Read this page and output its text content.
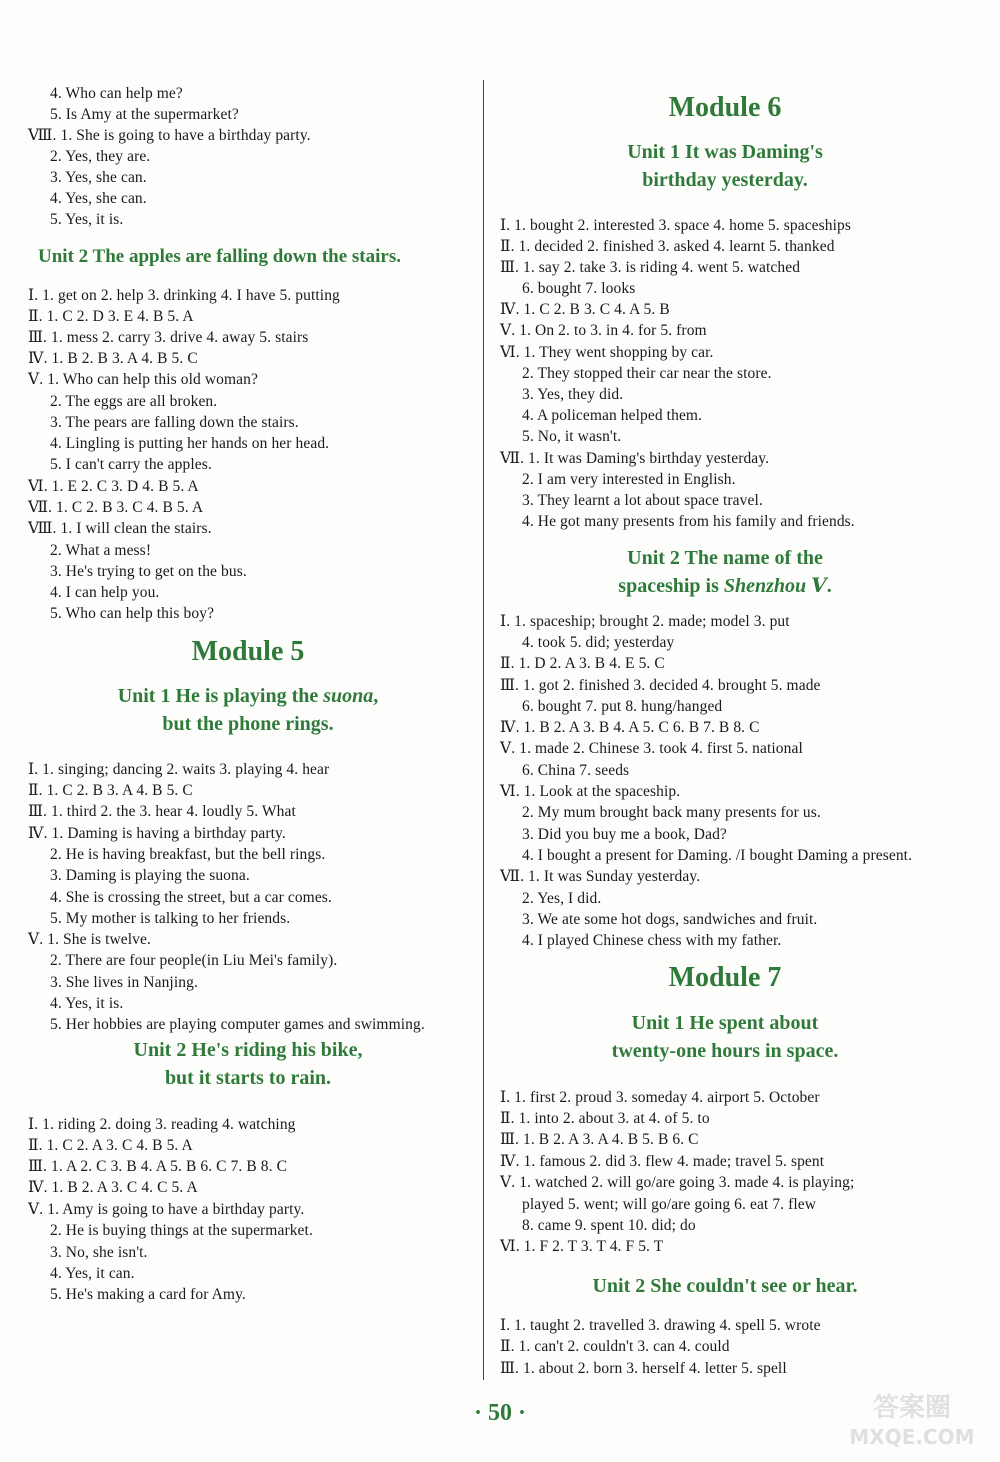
4. Who can help me?
5. Is Amy at the supermarket?
Ⅷ. 1. She is going to have a birthday party.
2. Yes, they are.
3. Yes, she can.
4. Yes, she can.
5. Yes, it is.
Unit 2 The apples are falling down the stairs.
Ⅰ. 1. get on 2. help 3. drinking 4. I have 5. putting
Ⅱ. 1. C 2. D 3. E 4. B 5. A
Ⅲ. 1. mess 2. carry 3. drive 4. away 5. stairs
Ⅳ. 1. B 2. B 3. A 4. B 5. C
Ⅴ. 1. Who can help this old woman?
2. The eggs are all broken.
3. The pears are falling down the stairs.
4. Lingling is putting her hands on her head.
5. I can't carry the apples.
Ⅵ. 1. E 2. C 3. D 4. B 5. A
Ⅶ. 1. C 2. B 3. C 4. B 5. A
Ⅷ. 1. I will clean the stairs.
2. What a mess!
3. He's trying to get on the bus.
4. I can help you.
5. Who can help this boy?
Module 5
Unit 1 He is playing the suona,
but the phone rings.
Ⅰ. 1. singing; dancing 2. waits 3. playing 4. hear
Ⅱ. 1. C 2. B 3. A 4. B 5. C
Ⅲ. 1. third 2. the 3. hear 4. loudly 5. What
Ⅳ. 1. Daming is having a birthday party.
2. He is having breakfast, but the bell rings.
3. Daming is playing the suona.
4. She is crossing the street, but a car comes.
5. My mother is talking to her friends.
Ⅴ. 1. She is twelve.
2. There are four people(in Liu Mei's family).
3. She lives in Nanjing.
4. Yes, it is.
5. Her hobbies are playing computer games and swimming.
Unit 2 He's riding his bike,
but it starts to rain.
Ⅰ. 1. riding 2. doing 3. reading 4. watching
Ⅱ. 1. C 2. A 3. C 4. B 5. A
Ⅲ. 1. A 2. C 3. B 4. A 5. B 6. C 7. B 8. C
Ⅳ. 1. B 2. A 3. C 4. C 5. A
Ⅴ. 1. Amy is going to have a birthday party.
2. He is buying things at the supermarket.
3. No, she isn't.
4. Yes, it can.
5. He's making a card for Amy.
Module 6
Unit 1 It was Daming's
birthday yesterday.
Ⅰ. 1. bought 2. interested 3. space 4. home 5. spaceships
Ⅱ. 1. decided 2. finished 3. asked 4. learnt 5. thanked
Ⅲ. 1. say 2. take 3. is riding 4. went 5. watched
6. bought 7. looks
Ⅳ. 1. C 2. B 3. C 4. A 5. B
Ⅴ. 1. On 2. to 3. in 4. for 5. from
Ⅵ. 1. They went shopping by car.
2. They stopped their car near the store.
3. Yes, they did.
4. A policeman helped them.
5. No, it wasn't.
Ⅶ. 1. It was Daming's birthday yesterday.
2. I am very interested in English.
3. They learnt a lot about space travel.
4. He got many presents from his family and friends.
Unit 2 The name of the
spaceship is Shenzhou Ⅴ.
Ⅰ. 1. spaceship; brought 2. made; model 3. put
4. took 5. did; yesterday
Ⅱ. 1. D 2. A 3. B 4. E 5. C
Ⅲ. 1. got 2. finished 3. decided 4. brought 5. made
6. bought 7. put 8. hung/hanged
Ⅳ. 1. B 2. A 3. B 4. A 5. C 6. B 7. B 8. C
Ⅴ. 1. made 2. Chinese 3. took 4. first 5. national
6. China 7. seeds
Ⅵ. 1. Look at the spaceship.
2. My mum brought back many presents for us.
3. Did you buy me a book, Dad?
4. I bought a present for Daming. /I bought Daming a present.
Ⅶ. 1. It was Sunday yesterday.
2. Yes, I did.
3. We ate some hot dogs, sandwiches and fruit.
4. I played Chinese chess with my father.
Module 7
Unit 1 He spent about
twenty-one hours in space.
Ⅰ. 1. first 2. proud 3. someday 4. airport 5. October
Ⅱ. 1. into 2. about 3. at 4. of 5. to
Ⅲ. 1. B 2. A 3. A 4. B 5. B 6. C
Ⅳ. 1. famous 2. did 3. flew 4. made; travel 5. spent
Ⅴ. 1. watched 2. will go/are going 3. made 4. is playing;
played 5. went; will go/are going 6. eat 7. flew
8. came 9. spent 10. did; do
Ⅵ. 1. F 2. T 3. T 4. F 5. T
Unit 2 She couldn't see or hear.
Ⅰ. 1. taught 2. travelled 3. drawing 4. spell 5. wrote
Ⅱ. 1. can't 2. couldn't 3. can 4. could
Ⅲ. 1. about 2. born 3. herself 4. letter 5. spell
· 50 ·	答案圈
MXQE.COM
